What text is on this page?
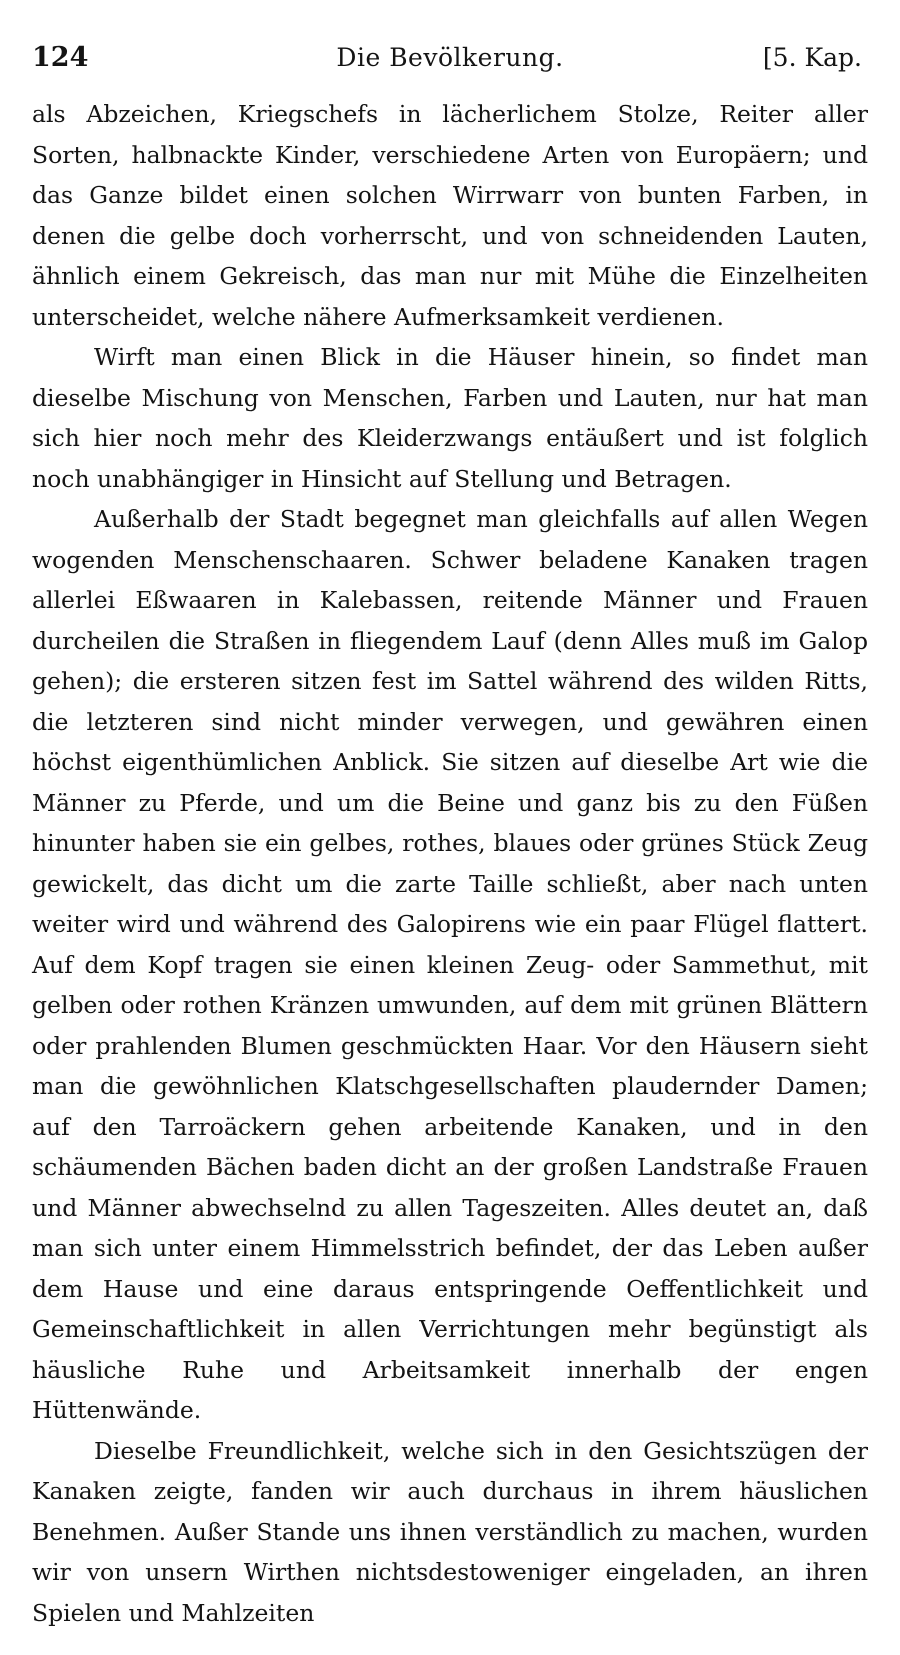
124	Die Bevölkerung.	[5. Kap.

als Abzeichen, Kriegschefs in lächerlichem Stolze, Reiter aller Sorten, halbnackte Kinder, verschiedene Arten von Europäern; und das Ganze bildet einen solchen Wirrwarr von bunten Farben, in denen die gelbe doch vorherrscht, und von schneidenden Lauten, ähnlich einem Gekreisch, das man nur mit Mühe die Einzelheiten unterscheidet, welche nähere Aufmerksamkeit verdienen.

Wirft man einen Blick in die Häuser hinein, so findet man dieselbe Mischung von Menschen, Farben und Lauten, nur hat man sich hier noch mehr des Kleiderzwangs entäußert und ist folglich noch unabhängiger in Hinsicht auf Stellung und Betragen.

Außerhalb der Stadt begegnet man gleichfalls auf allen Wegen wogenden Menschenschaaren. Schwer beladene Kanaken tragen allerlei Eßwaaren in Kalebassen, reitende Männer und Frauen durcheilen die Straßen in fliegendem Lauf (denn Alles muß im Galop gehen); die ersteren sitzen fest im Sattel während des wilden Ritts, die letzteren sind nicht minder verwegen, und gewähren einen höchst eigenthümlichen Anblick. Sie sitzen auf dieselbe Art wie die Männer zu Pferde, und um die Beine und ganz bis zu den Füßen hinunter haben sie ein gelbes, rothes, blaues oder grünes Stück Zeug gewickelt, das dicht um die zarte Taille schließt, aber nach unten weiter wird und während des Galopirens wie ein paar Flügel flattert. Auf dem Kopf tragen sie einen kleinen Zeug- oder Sammethut, mit gelben oder rothen Kränzen umwunden, auf dem mit grünen Blättern oder prahlenden Blumen geschmückten Haar. Vor den Häusern sieht man die gewöhnlichen Klatschgesellschaften plaudernder Damen; auf den Tarroäckern gehen arbeitende Kanaken, und in den schäumenden Bächen baden dicht an der großen Landstraße Frauen und Männer abwechselnd zu allen Tageszeiten. Alles deutet an, daß man sich unter einem Himmelsstrich befindet, der das Leben außer dem Hause und eine daraus entspringende Oeffentlichkeit und Gemeinschaftlichkeit in allen Verrichtungen mehr begünstigt als häusliche Ruhe und Arbeitsamkeit innerhalb der engen Hüttenwände.

Dieselbe Freundlichkeit, welche sich in den Gesichtszügen der Kanaken zeigte, fanden wir auch durchaus in ihrem häuslichen Benehmen. Außer Stande uns ihnen verständlich zu machen, wurden wir von unsern Wirthen nichtsdestoweniger eingeladen, an ihren Spielen und Mahlzeiten
